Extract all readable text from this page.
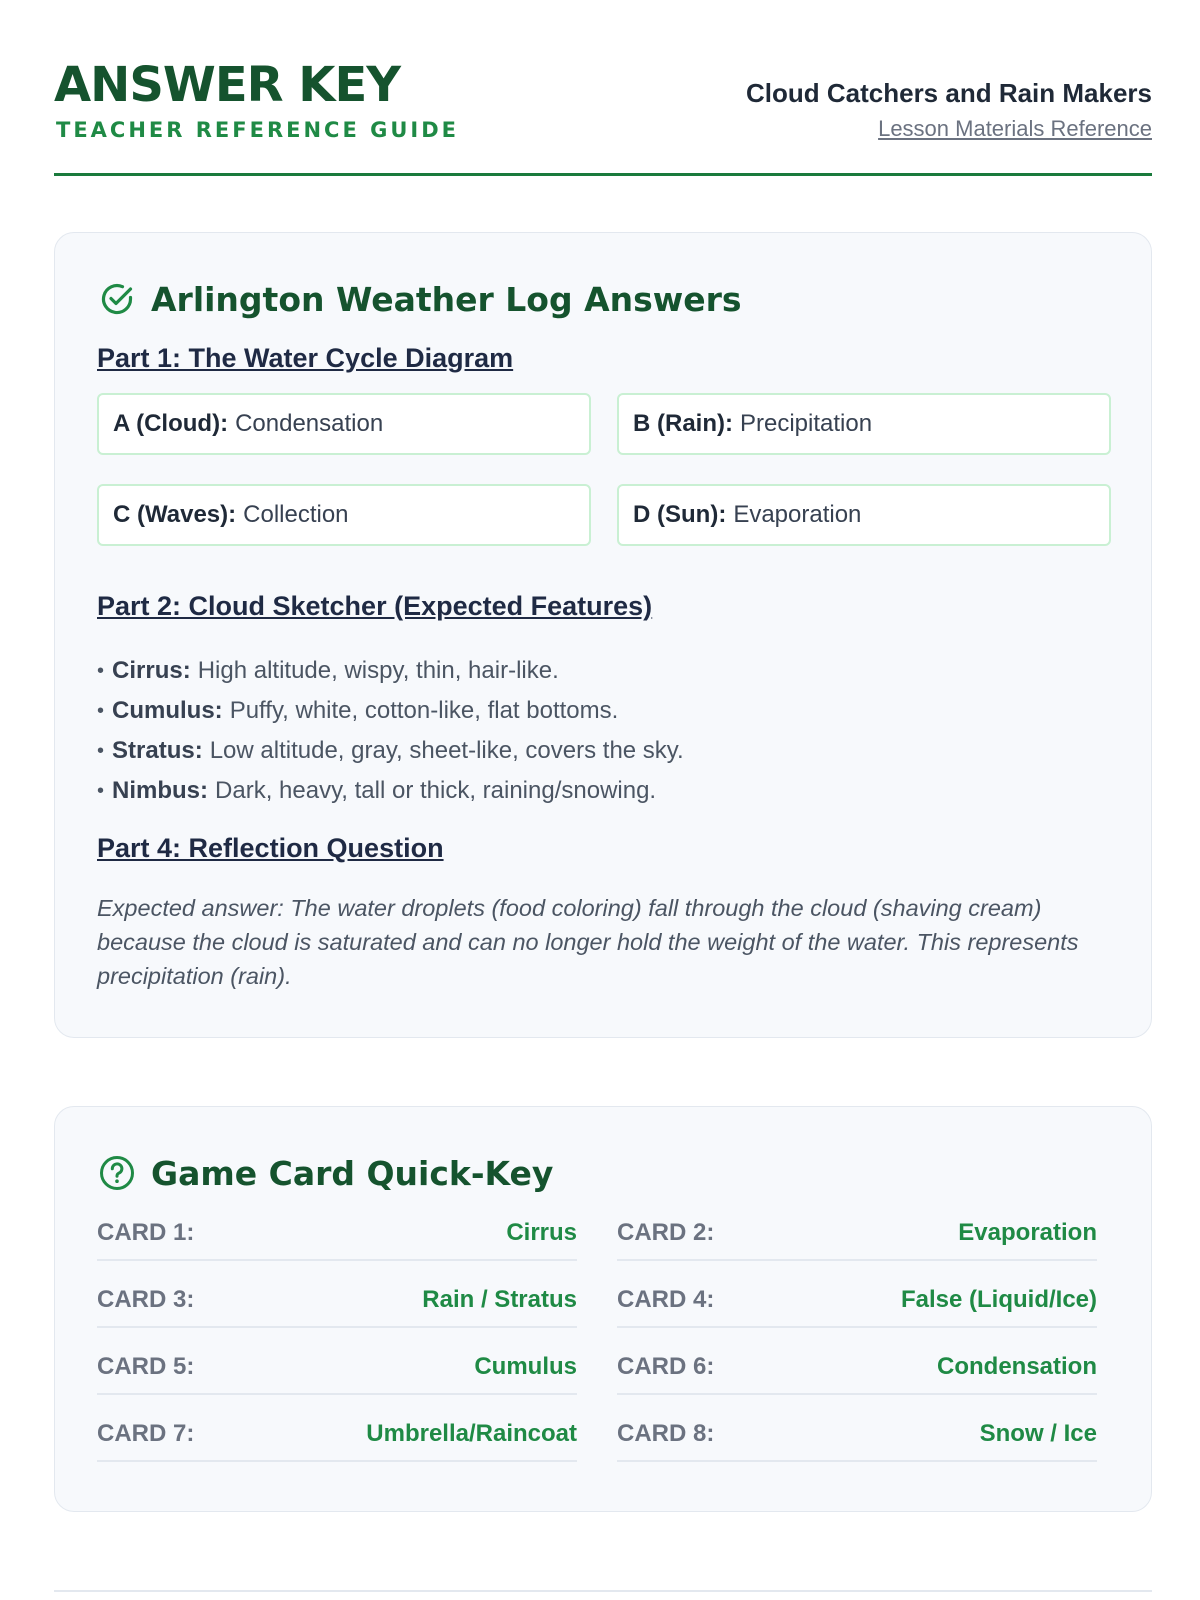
ANSWER KEY
TEACHER REFERENCE GUIDE
Cloud Catchers and Rain Makers
Lesson Materials Reference
Arlington Weather Log Answers
Part 1: The Water Cycle Diagram
A (Cloud): Condensation	B (Rain): Precipitation
C (Waves): Collection	D (Sun): Evaporation
Part 2: Cloud Sketcher (Expected Features)
• Cirrus: High altitude, wispy, thin, hair-like.
• Cumulus: Puffy, white, cotton-like, flat bottoms.
• Stratus: Low altitude, gray, sheet-like, covers the sky.
• Nimbus: Dark, heavy, tall or thick, raining/snowing.
Part 4: Reflection Question
Expected answer: The water droplets (food coloring) fall through the cloud (shaving cream) because the cloud is saturated and can no longer hold the weight of the water. This represents precipitation (rain).
Game Card Quick-Key
CARD 1:	Cirrus CARD 2:	Evaporation
CARD 3:	Rain / Stratus CARD 4:	False (Liquid/Ice)
CARD 5:	Cumulus CARD 6:	Condensation
CARD 7:	Umbrella/Raincoat CARD 8:	Snow / Ice
